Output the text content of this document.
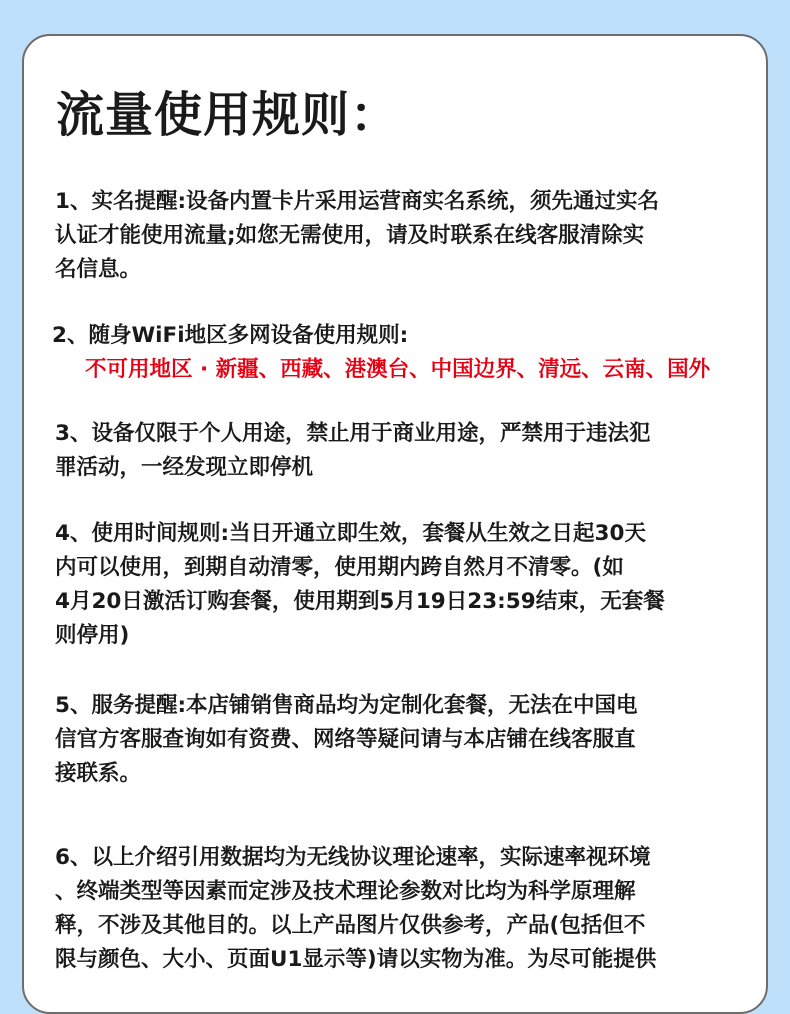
流量使用规则：
1、实名提醒:设备内置卡片采用运营商实名系统，须先通过实名
认证才能使用流量;如您无需使用，请及时联系在线客服清除实
名信息。
2、随身WiFi地区多网设备使用规则:
不可用地区 · 新疆、西藏、港澳台、中国边界、清远、云南、国外
3、设备仅限于个人用途，禁止用于商业用途，严禁用于违法犯
罪活动，一经发现立即停机
4、使用时间规则:当日开通立即生效，套餐从生效之日起30天
内可以使用，到期自动清零，使用期内跨自然月不清零。(如
4月20日激活订购套餐，使用期到5月19日23:59结束，无套餐
则停用)
5、服务提醒:本店铺销售商品均为定制化套餐，无法在中国电
信官方客服查询如有资费、网络等疑问请与本店铺在线客服直
接联系。
6、以上介绍引用数据均为无线协议理论速率，实际速率视环境
、终端类型等因素而定涉及技术理论参数对比均为科学原理解
释，不涉及其他目的。以上产品图片仅供参考，产品(包括但不
限与颜色、大小、页面U1显示等)请以实物为准。为尽可能提供
